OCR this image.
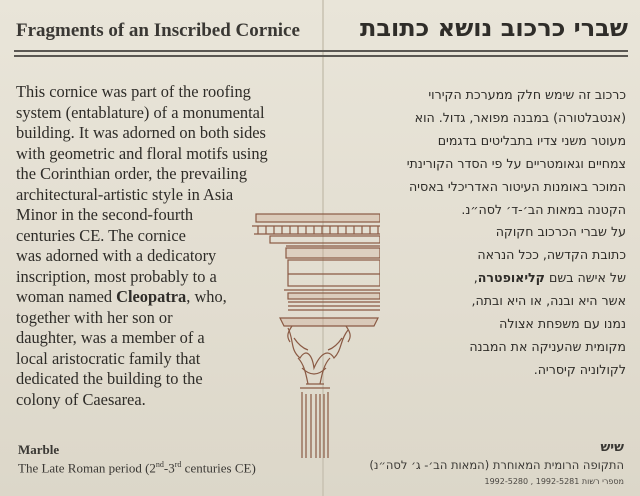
Fragments of an Inscribed Cornice	שברי כרכוב נושא כתובת
This cornice was part of the roofing
system (entablature) of a monumental
building. It was adorned on both sides
with geometric and floral motifs using
the Corinthian order, the prevailing
architectural-artistic style in Asia
Minor in the second-fourth
centuries CE. The cornice
was adorned with a dedicatory
inscription, most probably to a
woman named Cleopatra, who,
together with her son or
daughter, was a member of a
local aristocratic family that
dedicated the building to the
colony of Caesarea.
כרכוב זה שימש חלק ממערכת הקירוי
(אנטבלטורה) במבנה מפואר, גדול. הוא
מעוטר משני צדיו בתבליטים בדגמים
צמחיים וגאומטריים על פי הסדר הקורינתי
המוכר באומנות העיטור האדריכלי באסיה
הקטנה במאות הב׳-ד׳ לסה״נ.
על שברי הכרכוב חקוקה
כתובת הקדשה, ככל הנראה
של אישה בשם קליאופטרה,
אשר היא ובנה, או היא ובתה,
נמנו עם משפחת אצולה
מקומית שהעניקה את המבנה
לקולוניה קיסריה.
Marble
The Late Roman period (2nd-3rd centuries CE)
שיש
התקופה הרומית המאוחרת (המאות הב׳- ג׳ לסה״נ)
מספרי רשות 1992-5281 , 1992-5280
